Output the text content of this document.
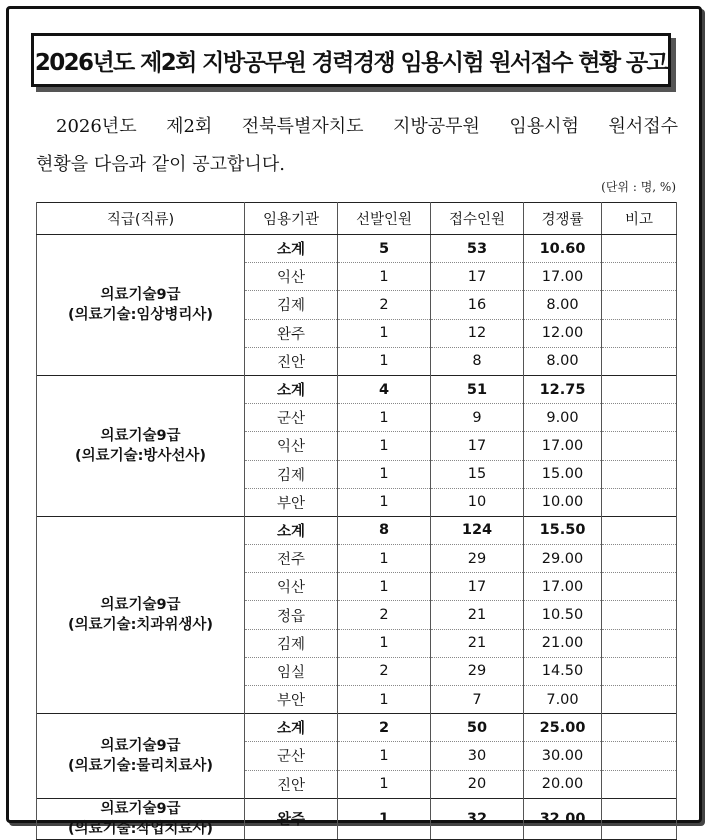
2026년도 제2회 지방공무원 경력경쟁 임용시험 원서접수 현황 공고
2026년도 제2회 전북특별자치도 지방공무원 임용시험 원서접수
현황을 다음과 같이 공고합니다.
(단위 : 명, %)
직급(직류)	임용기관	선발인원	접수인원	경쟁률	비고

의료기술9급
(의료기술:임상병리사)	소계	5	53	10.60	
	익산	1	17	17.00	
	김제	2	16	8.00	
	완주	1	12	12.00	
	진안	1	8	8.00	

의료기술9급
(의료기술:방사선사)	소계	4	51	12.75	
	군산	1	9	9.00	
	익산	1	17	17.00	
	김제	1	15	15.00	
	부안	1	10	10.00	

의료기술9급
(의료기술:치과위생사)	소계	8	124	15.50	
	전주	1	29	29.00	
	익산	1	17	17.00	
	정읍	2	21	10.50	
	김제	1	21	21.00	
	임실	2	29	14.50	
	부안	1	7	7.00	

의료기술9급
(의료기술:물리치료사)	소계	2	50	25.00	
	군산	1	30	30.00	
	진안	1	20	20.00	

의료기술9급
(의료기술:작업치료사)	완주	1	32	32.00	
